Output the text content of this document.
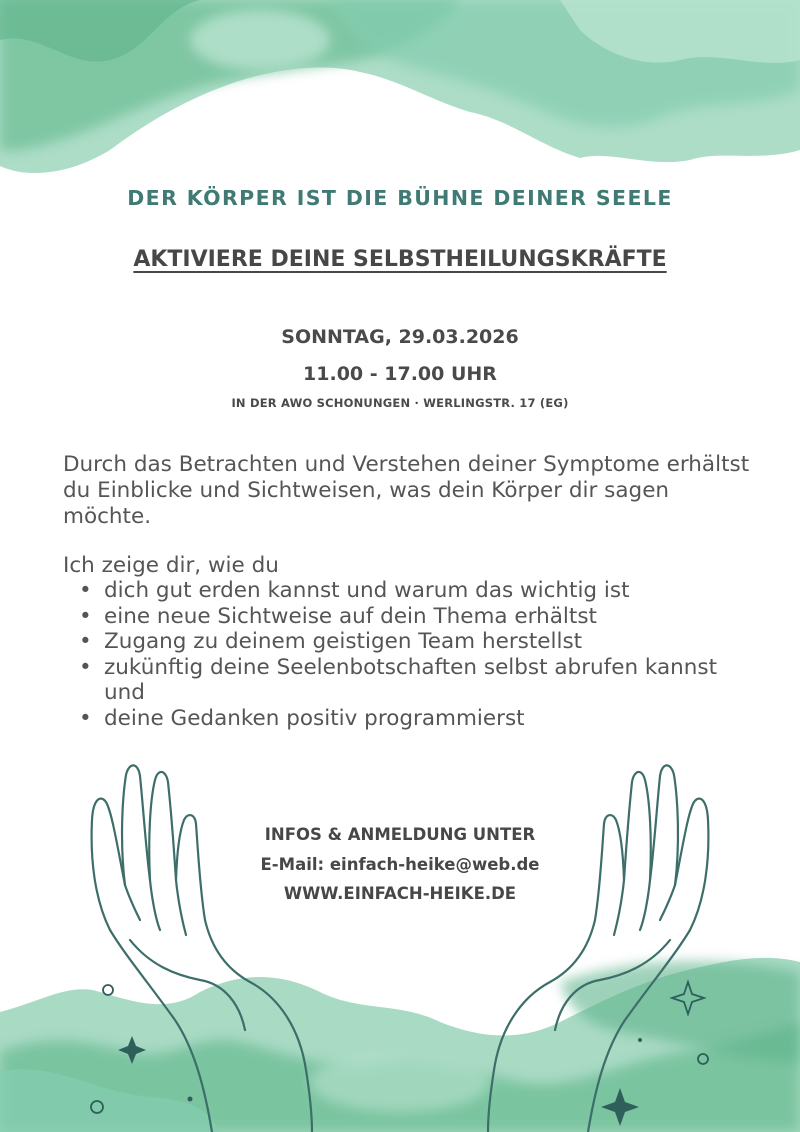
DER KÖRPER IST DIE BÜHNE DEINER SEELE
AKTIVIERE DEINE SELBSTHEILUNGSKRÄFTE
SONNTAG, 29.03.2026
11.00 - 17.00 UHR
IN DER AWO SCHONUNGEN · WERLINGSTR. 17 (EG)

Durch das Betrachten und Verstehen deiner Symptome erhältst du Einblicke und Sichtweisen, was dein Körper dir sagen möchte.

Ich zeige dir, wie du

• dich gut erden kannst und warum das wichtig ist
• eine neue Sichtweise auf dein Thema erhältst
• Zugang zu deinem geistigen Team herstellst
• zukünftig deine Seelenbotschaften selbst abrufen kannst und
• deine Gedanken positiv programmierst
INFOS & ANMELDUNG UNTER
E-Mail: einfach-heike@web.de
WWW.EINFACH-HEIKE.DE
